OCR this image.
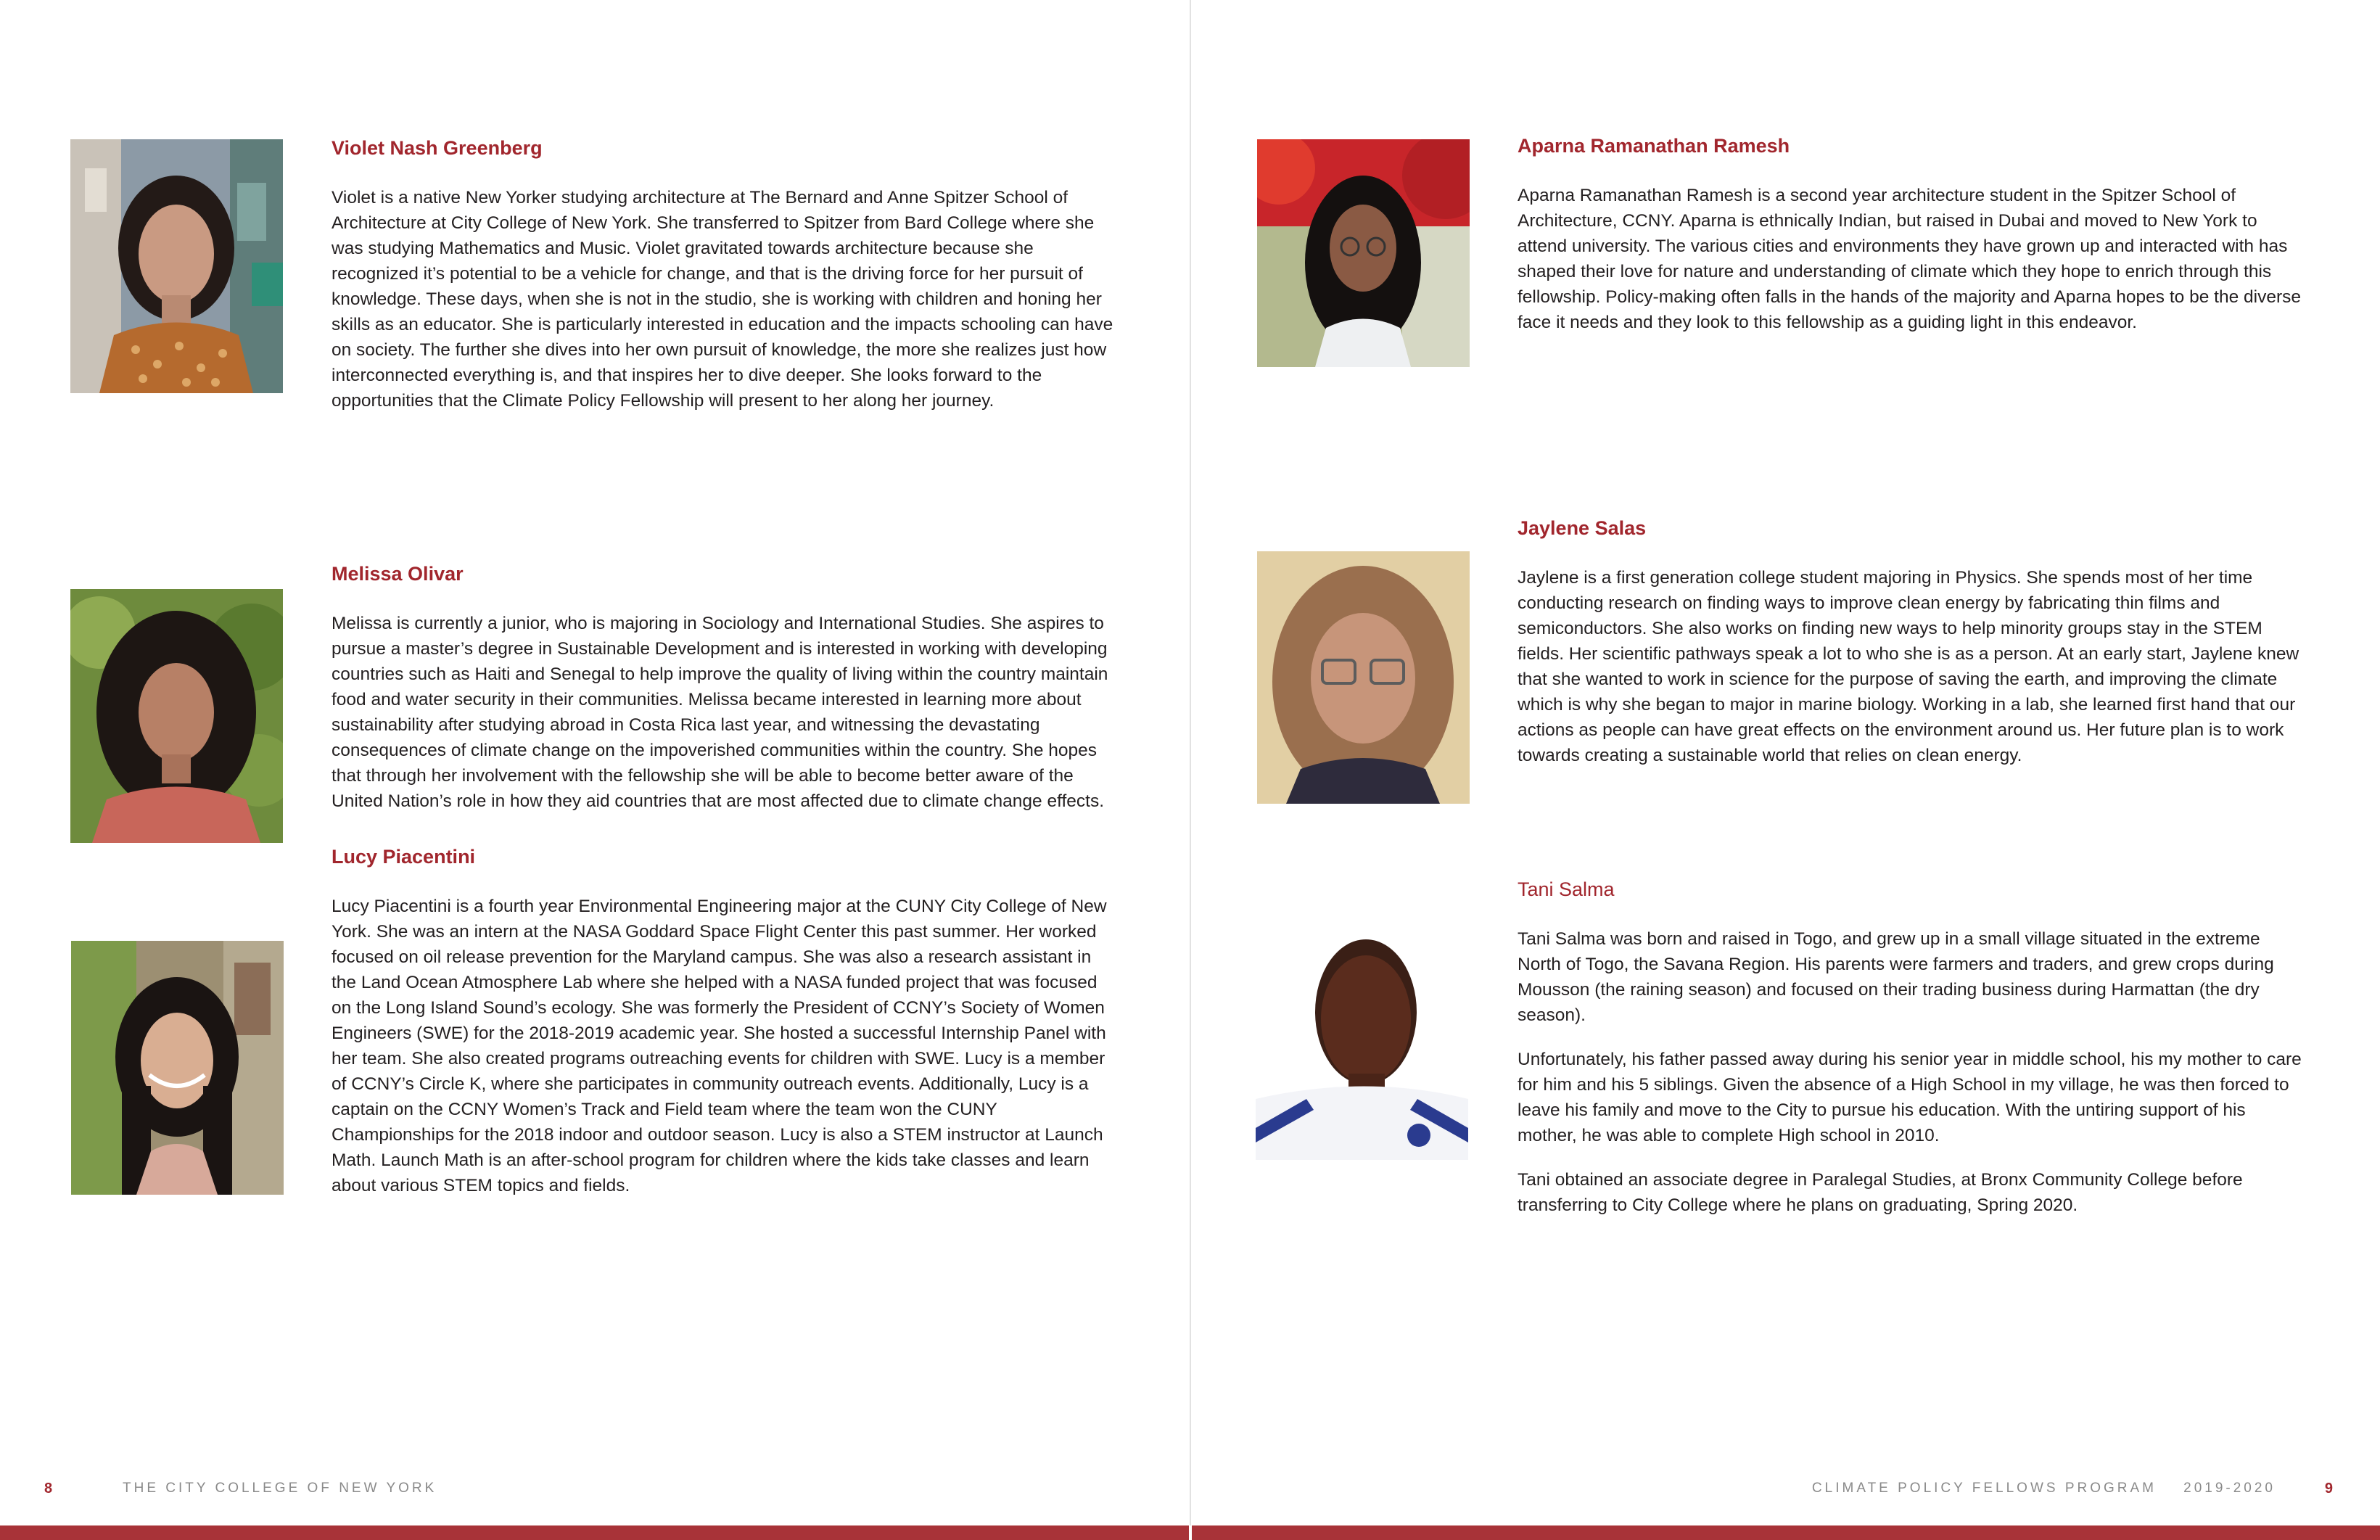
Violet Nash Greenberg

Violet is a native New Yorker studying architecture at The Bernard and Anne Spitzer School of Architecture at City College of New York. She transferred to Spitzer from Bard College where she was studying Mathematics and Music. Violet gravitated towards architecture because she recognized it’s potential to be a vehicle for change, and that is the driving force for her pursuit of knowledge. These days, when she is not in the studio, she is working with children and honing her skills as an educator. She is particularly interested in education and the impacts schooling can have on society. The further she dives into her own pursuit of knowledge, the more she realizes just how interconnected everything is, and that inspires her to dive deeper. She looks forward to the opportunities that the Climate Policy Fellowship will present to her along her journey.

Melissa Olivar

Melissa is currently a junior, who is majoring in Sociology and International Studies. She aspires to pursue a master’s degree in Sustainable Development and is interested in working with developing countries such as Haiti and Senegal to help improve the quality of living within the country maintain food and water security in their communities. Melissa became interested in learning more about sustainability after studying abroad in Costa Rica last year, and witnessing the devastating consequences of climate change on the impoverished communities within the country. She hopes that through her involvement with the fellowship she will be able to become better aware of the United Nation’s role in how they aid countries that are most affected due to climate change effects.

Lucy Piacentini

Lucy Piacentini is a fourth year Environmental Engineering major at the CUNY City College of New York. She was an intern at the NASA Goddard Space Flight Center this past summer. Her worked focused on oil release prevention for the Maryland campus. She was also a research assistant in the Land Ocean Atmosphere Lab where she helped with a NASA funded project that was focused on the Long Island Sound’s ecology. She was formerly the President of CCNY’s Society of Women Engineers (SWE) for the 2018-2019 academic year. She hosted a successful Internship Panel with her team. She also created programs outreaching events for children with SWE. Lucy is a member of CCNY’s Circle K, where she participates in community outreach events. Additionally, Lucy is a captain on the CCNY Women’s Track and Field team where the team won the CUNY Championships for the 2018 indoor and outdoor season. Lucy is also a STEM instructor at Launch Math. Launch Math is an after-school program for children where the kids take classes and learn about various STEM topics and fields.

Aparna Ramanathan Ramesh

Aparna Ramanathan Ramesh is a second year architecture student in the Spitzer School of Architecture, CCNY. Aparna is ethnically Indian, but raised in Dubai and moved to New York to attend university. The various cities and environments they have grown up and interacted with has shaped their love for nature and understanding of climate which they hope to enrich through this fellowship. Policy-making often falls in the hands of the majority and Aparna hopes to be the diverse face it needs and they look to this fellowship as a guiding light in this endeavor.

Jaylene Salas

Jaylene is a first generation college student majoring in Physics. She spends most of her time conducting research on finding ways to improve clean energy by fabricating thin films and semiconductors. She also works on finding new ways to help minority groups stay in the STEM fields. Her scientific pathways speak a lot to who she is as a person. At an early start, Jaylene knew that she wanted to work in science for the purpose of saving the earth, and improving the climate which is why she began to major in marine biology. Working in a lab, she learned first hand that our actions as people can have great effects on the environment around us. Her future plan is to work towards creating a sustainable world that relies on clean energy.

Tani Salma

Tani Salma was born and raised in Togo, and grew up in a small village situated in the extreme North of Togo, the Savana Region. His parents were farmers and traders, and grew crops during Mousson (the raining season) and focused on their trading business during Harmattan (the dry season).

Unfortunately, his father passed away during his senior year in middle school, his my mother to care for him and his 5 siblings. Given the absence of a High School in my village, he was then forced to leave his family and move to the City to pursue his education. With the untiring support of his mother, he was able to complete High school in 2010.

Tani obtained an associate degree in Paralegal Studies, at Bronx Community College before transferring to City College where he plans on graduating, Spring 2020.

8	THE CITY COLLEGE OF NEW YORK	CLIMATE POLICY FELLOWS PROGRAM    2019-2020	9
